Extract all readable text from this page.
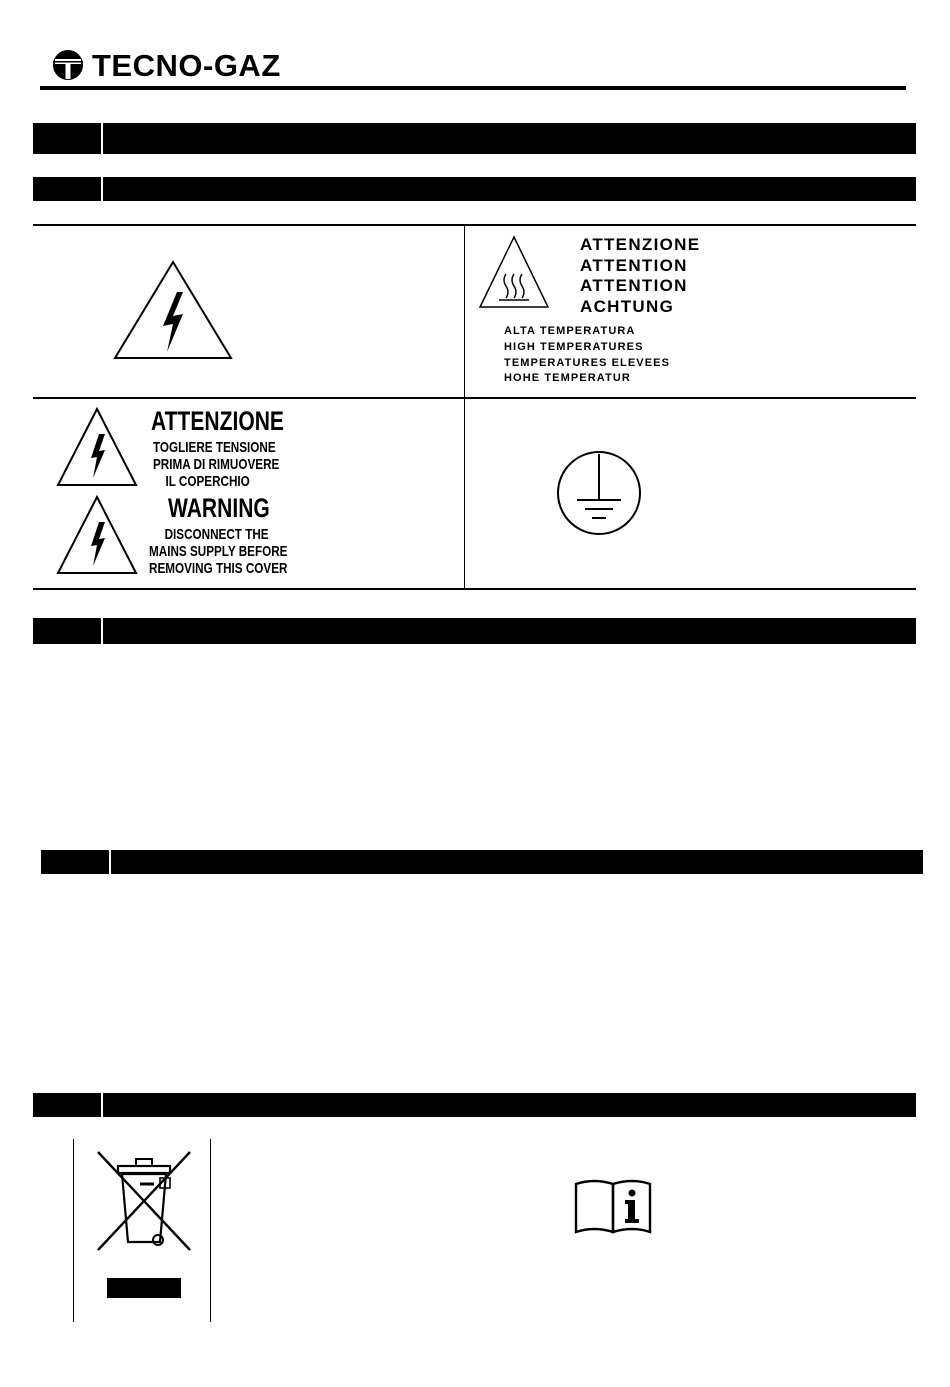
TECNO-GAZ
ATTENZIONE
ATTENTION
ATTENTION
ACHTUNG
ALTA TEMPERATURA
HIGH TEMPERATURES
TEMPERATURES ELEVEES
HOHE TEMPERATUR
ATTENZIONE
TOGLIERE TENSIONE
PRIMA DI RIMUOVERE
IL COPERCHIO
WARNING
DISCONNECT THE
MAINS SUPPLY BEFORE
REMOVING THIS COVER
